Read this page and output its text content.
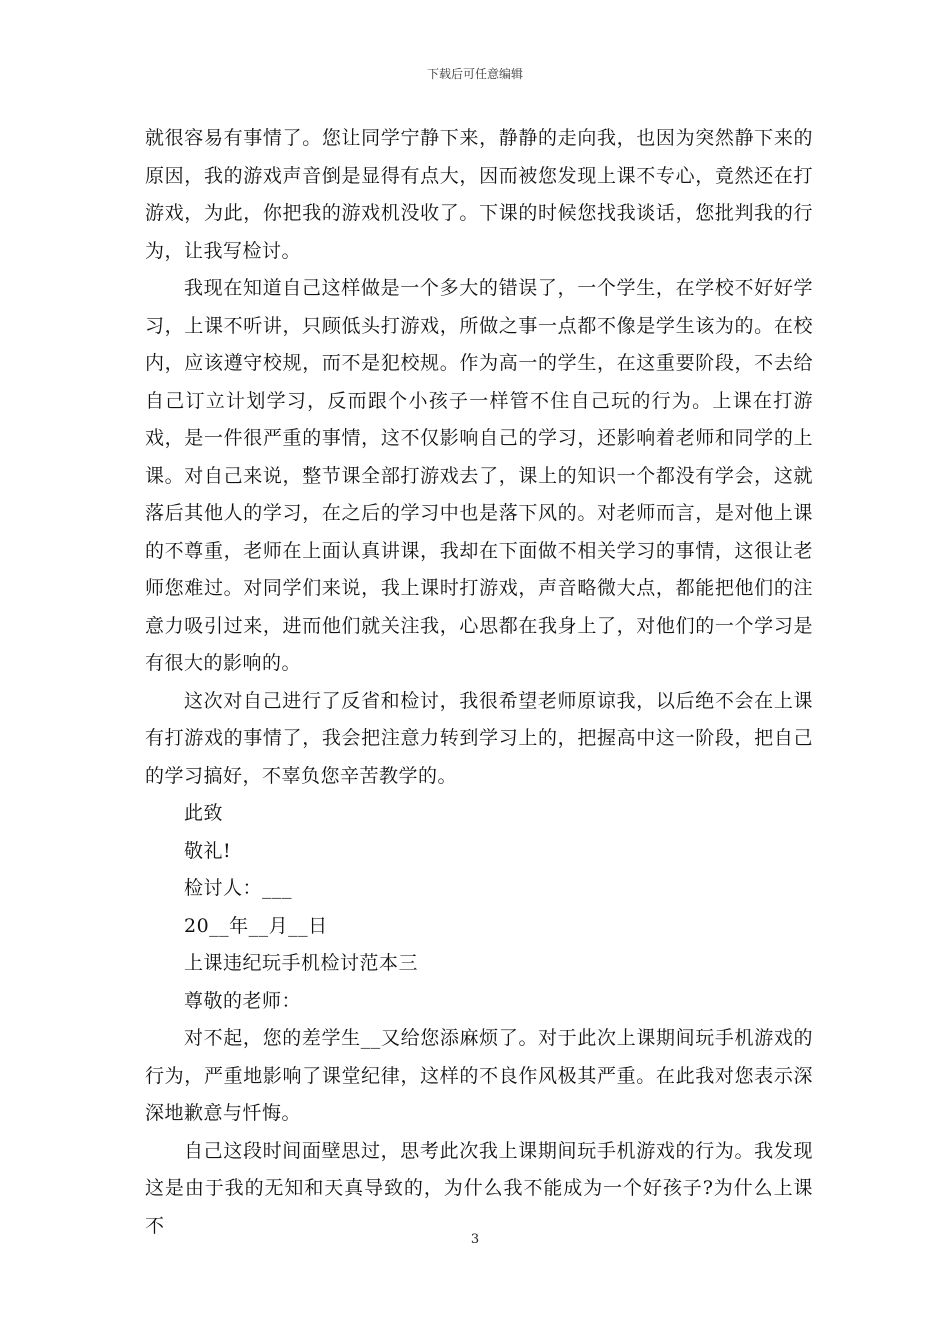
下载后可任意编辑

就很容易有事情了。您让同学宁静下来，静静的走向我，也因为突然静下来的原因，我的游戏声音倒是显得有点大，因而被您发现上课不专心，竟然还在打游戏，为此，你把我的游戏机没收了。下课的时候您找我谈话，您批判我的行为，让我写检讨。

我现在知道自己这样做是一个多大的错误了，一个学生，在学校不好好学习，上课不听讲，只顾低头打游戏，所做之事一点都不像是学生该为的。在校内，应该遵守校规，而不是犯校规。作为高一的学生，在这重要阶段，不去给自己订立计划学习，反而跟个小孩子一样管不住自己玩的行为。上课在打游戏，是一件很严重的事情，这不仅影响自己的学习，还影响着老师和同学的上课。对自己来说，整节课全部打游戏去了，课上的知识一个都没有学会，这就落后其他人的学习，在之后的学习中也是落下风的。对老师而言，是对他上课的不尊重，老师在上面认真讲课，我却在下面做不相关学习的事情，这很让老师您难过。对同学们来说，我上课时打游戏，声音略微大点，都能把他们的注意力吸引过来，进而他们就关注我，心思都在我身上了，对他们的一个学习是有很大的影响的。

这次对自己进行了反省和检讨，我很希望老师原谅我，以后绝不会在上课有打游戏的事情了，我会把注意力转到学习上的，把握高中这一阶段，把自己的学习搞好，不辜负您辛苦教学的。

此致

敬礼!

检讨人：___

20__年__月__日

上课违纪玩手机检讨范本三

尊敬的老师：

对不起，您的差学生__又给您添麻烦了。对于此次上课期间玩手机游戏的行为，严重地影响了课堂纪律，这样的不良作风极其严重。在此我对您表示深深地歉意与忏悔。

自己这段时间面壁思过，思考此次我上课期间玩手机游戏的行为。我发现这是由于我的无知和天真导致的，为什么我不能成为一个好孩子?为什么上课不

3
